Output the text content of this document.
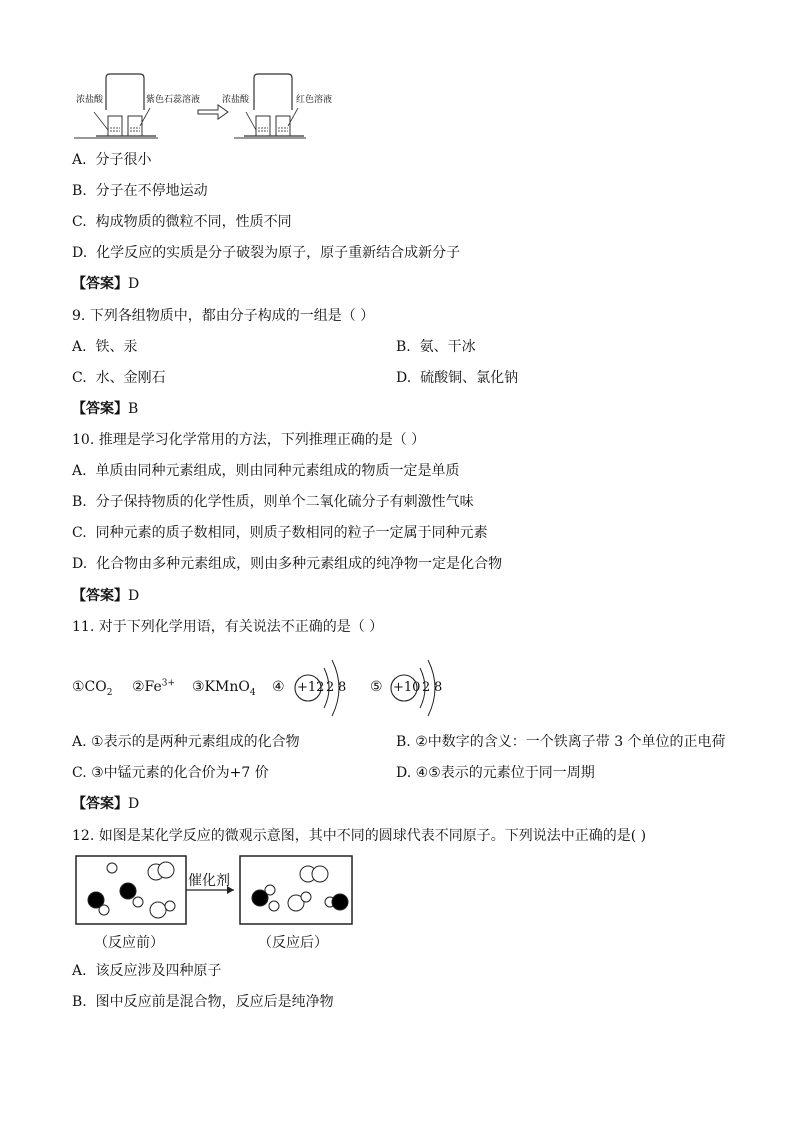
浓盐酸	紫色石蕊溶液 浓盐酸	红色溶液
A. 分子很小
B. 分子在不停地运动
C. 构成物质的微粒不同，性质不同
D. 化学反应的实质是分子破裂为原子，原子重新结合成新分子
【答案】D
9. 下列各组物质中，都由分子构成的一组是（ ）
A. 铁、汞	B. 氨、干冰
C. 水、金刚石	D. 硫酸铜、氯化钠
【答案】B
10. 推理是学习化学常用的方法，下列推理正确的是（ ）
A. 单质由同种元素组成，则由同种元素组成的物质一定是单质
B. 分子保持物质的化学性质，则单个二氧化硫分子有刺激性气味
C. 同种元素的质子数相同，则质子数相同的粒子一定属于同种元素
D. 化合物由多种元素组成，则由多种元素组成的纯净物一定是化合物
【答案】D
11. 对于下列化学用语，有关说法不正确的是（ ）
$①CO_2$ $②Fe^{3+}$ ③KMnO$_4$ ④ +12 2 8 ⑤ +10 2 8
A. ①表示的是两种元素组成的化合物	B. ②中数字的含义：一个铁离子带 3 个单位的正电荷
C. ③中锰元素的化合价为+7 价	D. ④⑤表示的元素位于同一周期
【答案】D
12. 如图是某化学反应的微观示意图，其中不同的圆球代表不同原子。下列说法中正确的是( )
催化剂
（反应前）	（反应后）
A. 该反应涉及四种原子
B. 图中反应前是混合物，反应后是纯净物
